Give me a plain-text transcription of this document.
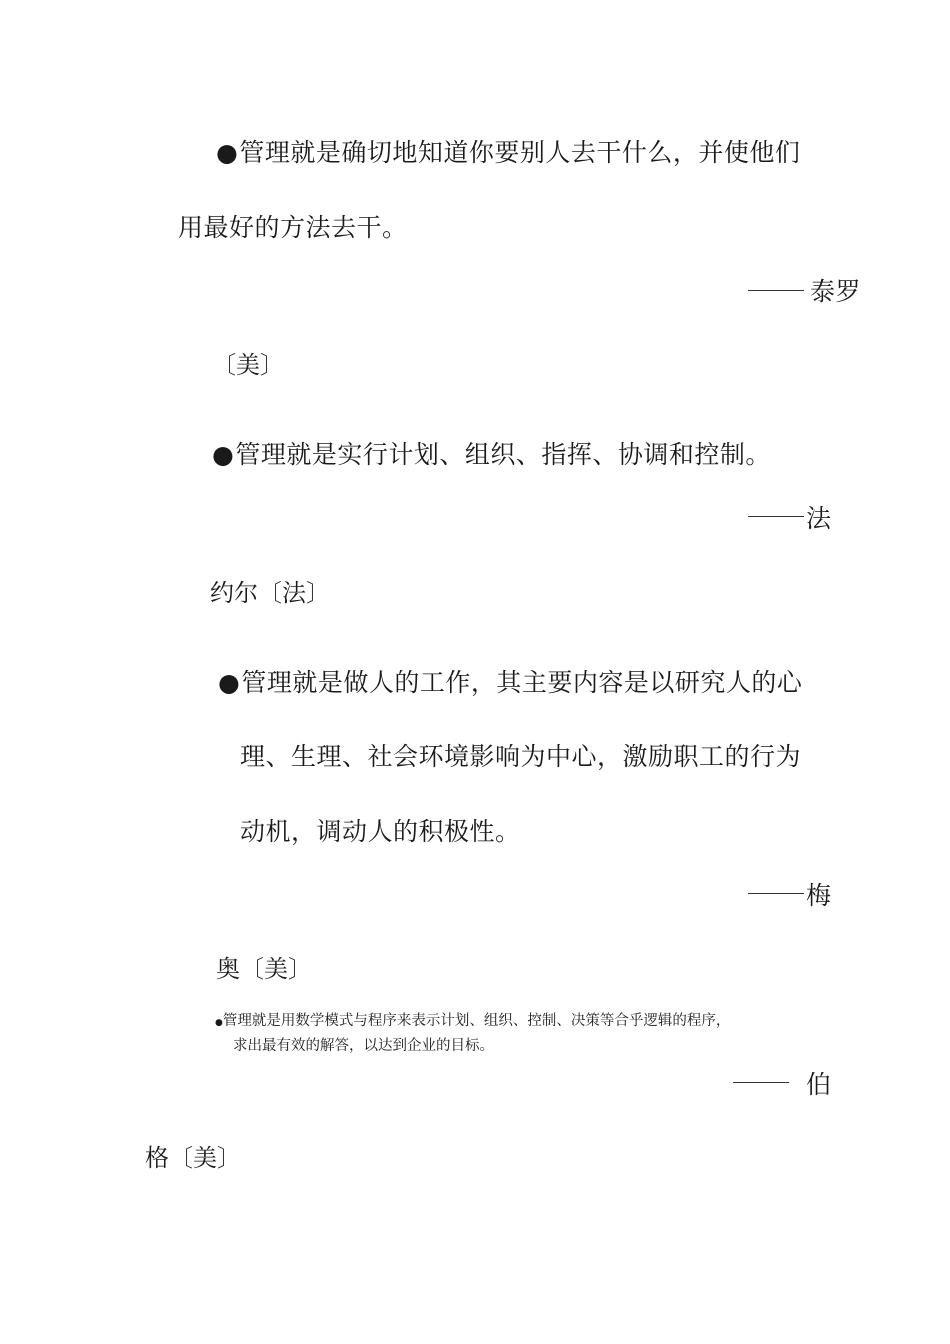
●管理就是确切地知道你要别人去干什么，并使他们
用最好的方法去干。
泰罗
〔美〕
●管理就是实行计划、组织、指挥、协调和控制。
法
约尔〔法〕
●管理就是做人的工作，其主要内容是以研究人的心
理、生理、社会环境影响为中心，激励职工的行为
动机，调动人的积极性。
梅
奥〔美〕
●管理就是用数学模式与程序来表示计划、组织、控制、决策等合乎逻辑的程序，
求出最有效的解答，以达到企业的目标。
伯
格〔美〕
